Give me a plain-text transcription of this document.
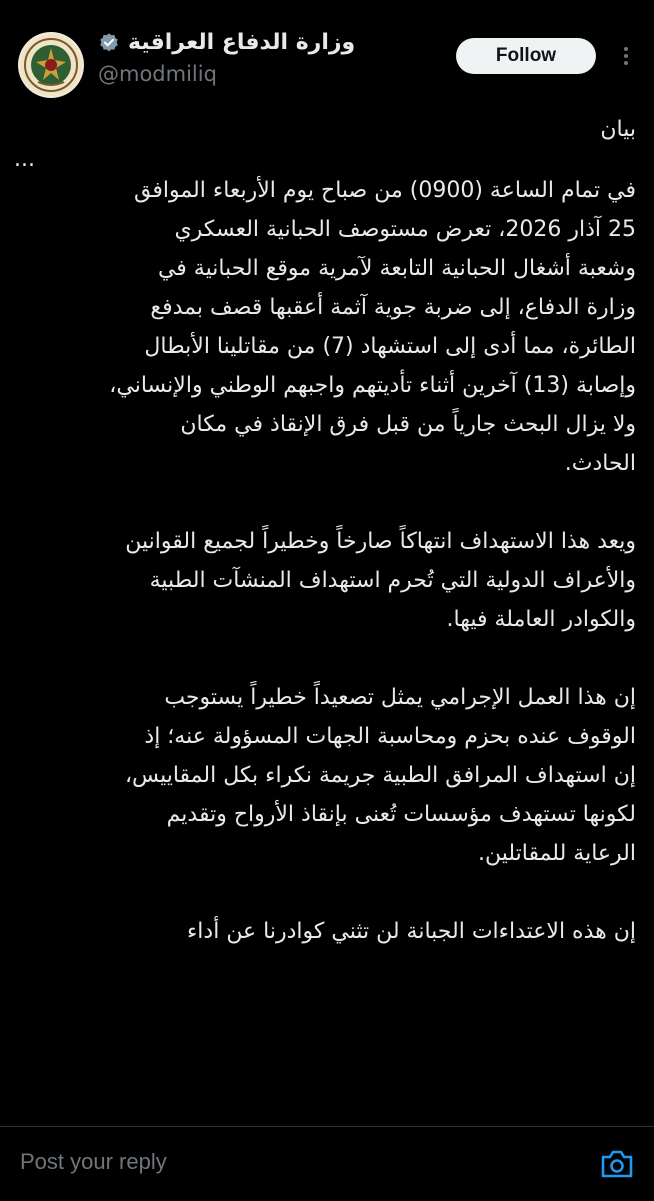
وزارة الدفاع العراقية
@modmiliq
Follow

بيان

...

في تمام الساعة (0900) من صباح يوم الأربعاء الموافق
25 آذار 2026، تعرض مستوصف الحبانية العسكري
وشعبة أشغال الحبانية التابعة لآمرية موقع الحبانية في
وزارة الدفاع، إلى ضربة جوية آثمة أعقبها قصف بمدفع
الطائرة، مما أدى إلى استشهاد (7) من مقاتلينا الأبطال
وإصابة (13) آخرين أثناء تأديتهم واجبهم الوطني والإنساني،
ولا يزال البحث جارياً من قبل فرق الإنقاذ في مكان
الحادث.

ويعد هذا الاستهداف انتهاكاً صارخاً وخطيراً لجميع القوانين
والأعراف الدولية التي تُحرم استهداف المنشآت الطبية
والكوادر العاملة فيها.

إن هذا العمل الإجرامي يمثل تصعيداً خطيراً يستوجب
الوقوف عنده بحزم ومحاسبة الجهات المسؤولة عنه؛ إذ
إن استهداف المرافق الطبية جريمة نكراء بكل المقاييس،
لكونها تستهدف مؤسسات تُعنى بإنقاذ الأرواح وتقديم
الرعاية للمقاتلين.

إن هذه الاعتداءات الجبانة لن تثني كوادرنا عن أداء

Post your reply
